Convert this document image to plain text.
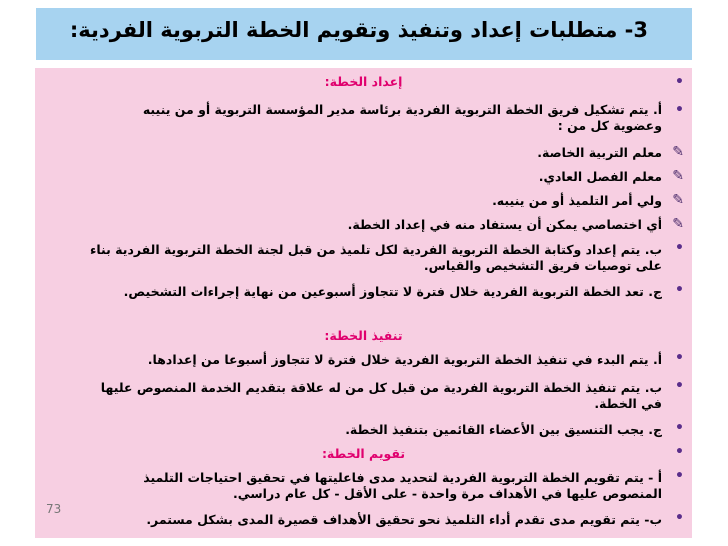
3- متطلبات إعداد وتنفيذ وتقويم الخطة التربوية الفردية:
•
إعداد الخطة:
•
أ. يتم تشكيل فريق الخطة التربوية الفردية برئاسة مدير المؤسسة التربوية أو من ينيبه
وعضوية كل من :
✎
معلم التربية الخاصة.
✎
معلم الفصل العادي.
✎
ولي أمر التلميذ أو من ينيبه.
✎
أي اختصاصي يمكن أن يستفاد منه في إعداد الخطة.
•
ب. يتم إعداد وكتابة الخطة التربوية الفردية لكل تلميذ من قبل لجنة الخطة التربوية الفردية بناء
على توصيات فريق التشخيص والقياس.
•
ج. تعد الخطة التربوية الفردية خلال فترة لا تتجاوز أسبوعين من نهاية إجراءات التشخيص.
تنفيذ الخطة:
•
أ. يتم البدء في تنفيذ الخطة التربوية الفردية خلال فترة لا تتجاوز أسبوعا من إعدادها.
•
ب. يتم تنفيذ الخطة التربوية الفردية من قبل كل من له علاقة بتقديم الخدمة المنصوص عليها
في الخطة.
•
ج. يجب التنسيق بين الأعضاء القائمين بتنفيذ الخطة.
•
تقويم الخطة:
•
أ - يتم تقويم الخطة التربوية الفردية لتحديد مدى فاعليتها في تحقيق احتياجات التلميذ
المنصوص عليها في الأهداف مرة واحدة - على الأقل - كل عام دراسي.
•
ب- يتم تقويم مدى تقدم أداء التلميذ نحو تحقيق الأهداف قصيرة المدى بشكل مستمر.
73
